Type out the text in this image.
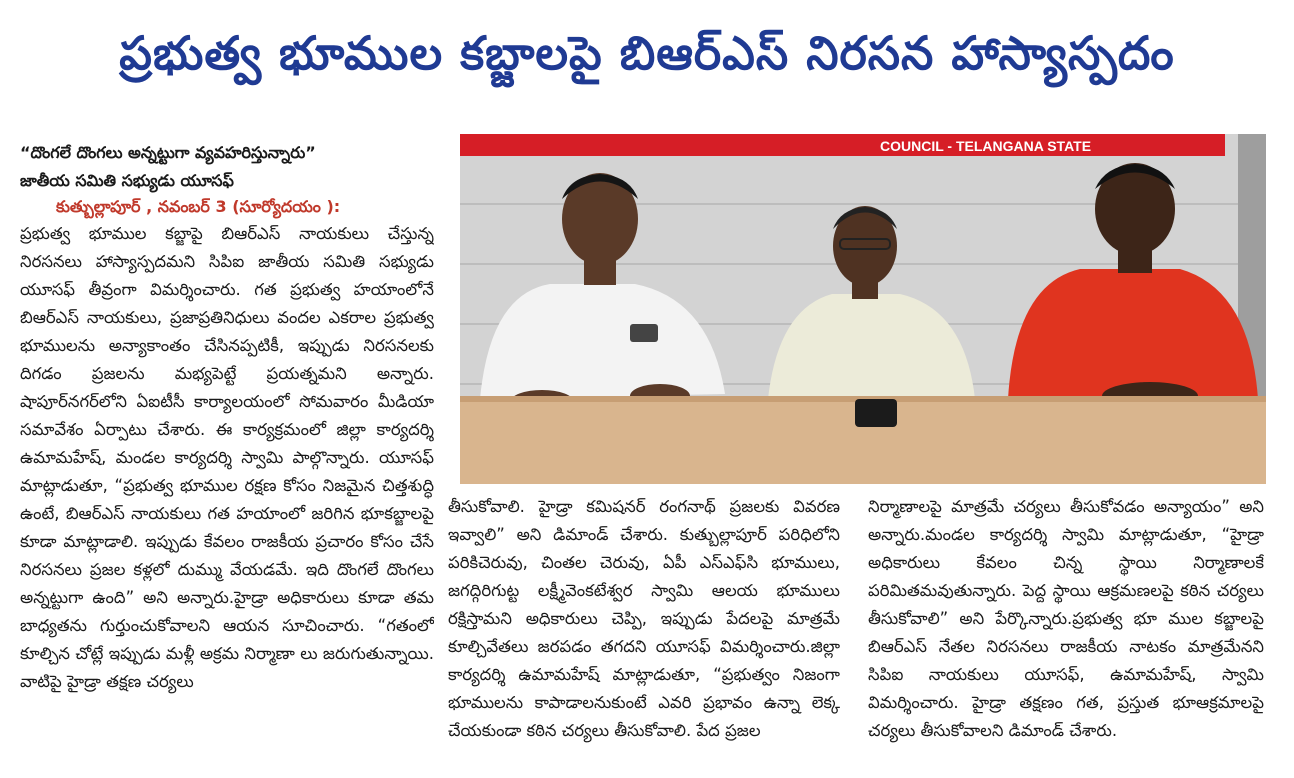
ప్రభుత్వ భూముల కబ్జాలపై బిఆర్‌ఎస్ నిరసన హాస్యాస్పదం
“దొంగలే దొంగలు అన్నట్టుగా వ్యవహరిస్తున్నారు”
జాతీయ సమితి సభ్యుడు యూసఫ్
కుత్బుల్లాపూర్ , నవంబర్ 3 (సూర్యోదయం ):

ప్రభుత్వ భూముల కబ్జాపై బిఆర్ఎస్ నాయకులు చేస్తున్న నిరసనలు హాస్యాస్పదమని సిపిఐ జాతీయ సమితి సభ్యుడు యూసఫ్ తీవ్రంగా విమర్శించారు. గత ప్రభుత్వ హయాంలోనే బిఆర్ఎస్ నాయకులు, ప్రజాప్రతినిధులు వందల ఎకరాల ప్రభుత్వ భూములను అన్యాకాంతం చేసినప్పటికీ, ఇప్పుడు నిరసనలకు దిగడం ప్రజలను మభ్యపెట్టే ప్రయత్నమని అన్నారు. షాపూర్‌నగర్‌లోని ఏఐటీసీ కార్యాలయంలో సోమవారం మీడియా సమావేశం ఏర్పాటు చేశారు. ఈ కార్యక్రమంలో జిల్లా కార్యదర్శి ఉమామహేష్, మండల కార్యదర్శి స్వామి పాల్గొన్నారు. యూసఫ్ మాట్లాడుతూ, “ప్రభుత్వ భూముల రక్షణ కోసం నిజమైన చిత్తశుద్ధి ఉంటే, బిఆర్ఎస్ నాయకులు గత హయాంలో జరిగిన భూకబ్జాలపై కూడా మాట్లాడాలి. ఇప్పుడు కేవలం రాజకీయ ప్రచారం కోసం చేసే నిరసనలు ప్రజల కళ్లలో దుమ్ము వేయడమే. ఇది దొంగలే దొంగలు అన్నట్టుగా ఉంది” అని అన్నారు.హైడ్రా అధికారులు కూడా తమ బాధ్యతను గుర్తుంచుకోవాలని ఆయన సూచించారు. “గతంలో కూల్చిన చోట్లే ఇప్పుడు మళ్లీ అక్రమ నిర్మాణా లు జరుగుతున్నాయి. వాటిపై హైడ్రా తక్షణ చర్యలు

COUNCIL - TELANGANA STATE

తీసుకోవాలి. హైడ్రా కమిషనర్ రంగనాథ్ ప్రజలకు వివరణ ఇవ్వాలి” అని డిమాండ్ చేశారు. కుత్బుల్లాపూర్ పరిధిలోని పరికిచెరువు, చింతల చెరువు, ఏపీ ఎస్ఎఫ్‌సి భూములు, జగద్గిరిగుట్ట లక్ష్మీవెంకటేశ్వర స్వామి ఆలయ భూములు రక్షిస్తామని అధికారులు చెప్పి, ఇప్పుడు పేదలపై మాత్రమే కూల్చివేతలు జరపడం తగదని యూసఫ్ విమర్శించారు.జిల్లా కార్యదర్శి ఉమామహేష్ మాట్లాడుతూ, “ప్రభుత్వం నిజంగా భూములను కాపాడాలనుకుంటే ఎవరి ప్రభావం ఉన్నా లెక్క చేయకుండా కఠిన చర్యలు తీసుకోవాలి. పేద ప్రజల

నిర్మాణాలపై మాత్రమే చర్యలు తీసుకోవడం అన్యాయం” అని అన్నారు.మండల కార్యదర్శి స్వామి మాట్లాడుతూ, “హైడ్రా అధికారులు కేవలం చిన్న స్థాయి నిర్మాణాలకే పరిమితమవుతున్నారు. పెద్ద స్థాయి ఆక్రమణలపై కఠిన చర్యలు తీసుకోవాలి” అని పేర్కొన్నారు.ప్రభుత్వ భూ ముల కబ్జాలపై బిఆర్ఎస్ నేతల నిరసనలు రాజకీయ నాటకం మాత్రమేనని సిపిఐ నాయకులు యూసఫ్, ఉమామహేష్, స్వామి విమర్శించారు. హైడ్రా తక్షణం గత, ప్రస్తుత భూఆక్రమాలపై చర్యలు తీసుకోవాలని డిమాండ్ చేశారు.
